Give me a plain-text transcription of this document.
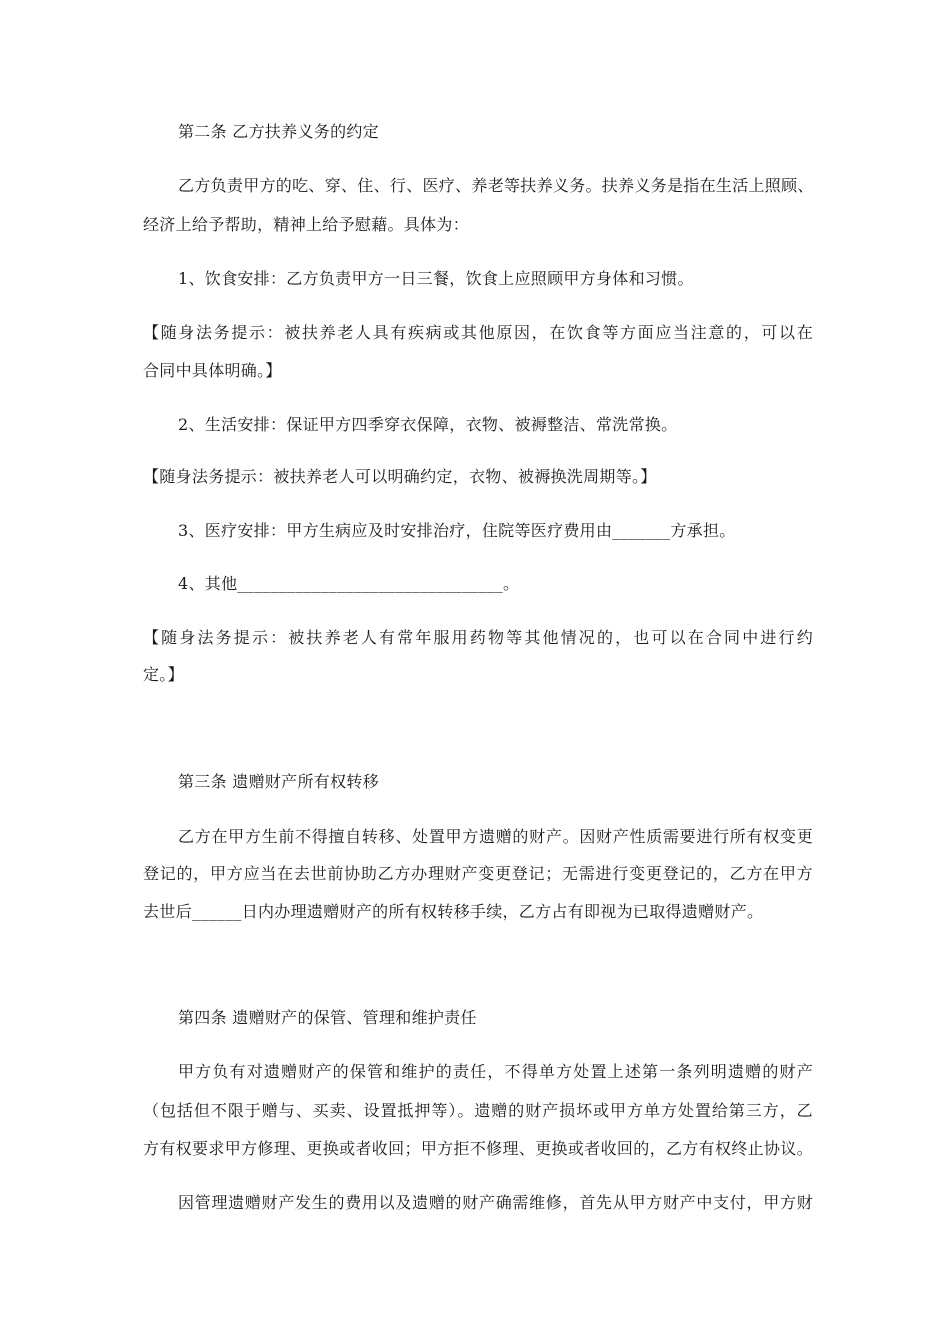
第二条 乙方扶养义务的约定
乙方负责甲方的吃、穿、住、行、医疗、养老等扶养义务。扶养义务是指在生活上照顾、
经济上给予帮助，精神上给予慰藉。具体为：
1、饮食安排：乙方负责甲方一日三餐，饮食上应照顾甲方身体和习惯。
【随身法务提示：被扶养老人具有疾病或其他原因，在饮食等方面应当注意的，可以在
合同中具体明确。】
2、生活安排：保证甲方四季穿衣保障，衣物、被褥整洁、常洗常换。
【随身法务提示：被扶养老人可以明确约定，衣物、被褥换洗周期等。】
3、医疗安排：甲方生病应及时安排治疗，住院等医疗费用由_______方承担。
4、其他________________________________。
【随身法务提示：被扶养老人有常年服用药物等其他情况的，也可以在合同中进行约
定。】
第三条 遗赠财产所有权转移
乙方在甲方生前不得擅自转移、处置甲方遗赠的财产。因财产性质需要进行所有权变更
登记的，甲方应当在去世前协助乙方办理财产变更登记；无需进行变更登记的，乙方在甲方
去世后______日内办理遗赠财产的所有权转移手续，乙方占有即视为已取得遗赠财产。
第四条 遗赠财产的保管、管理和维护责任
甲方负有对遗赠财产的保管和维护的责任，不得单方处置上述第一条列明遗赠的财产
（包括但不限于赠与、买卖、设置抵押等）。遗赠的财产损坏或甲方单方处置给第三方，乙
方有权要求甲方修理、更换或者收回；甲方拒不修理、更换或者收回的，乙方有权终止协议。
因管理遗赠财产发生的费用以及遗赠的财产确需维修，首先从甲方财产中支付，甲方财
